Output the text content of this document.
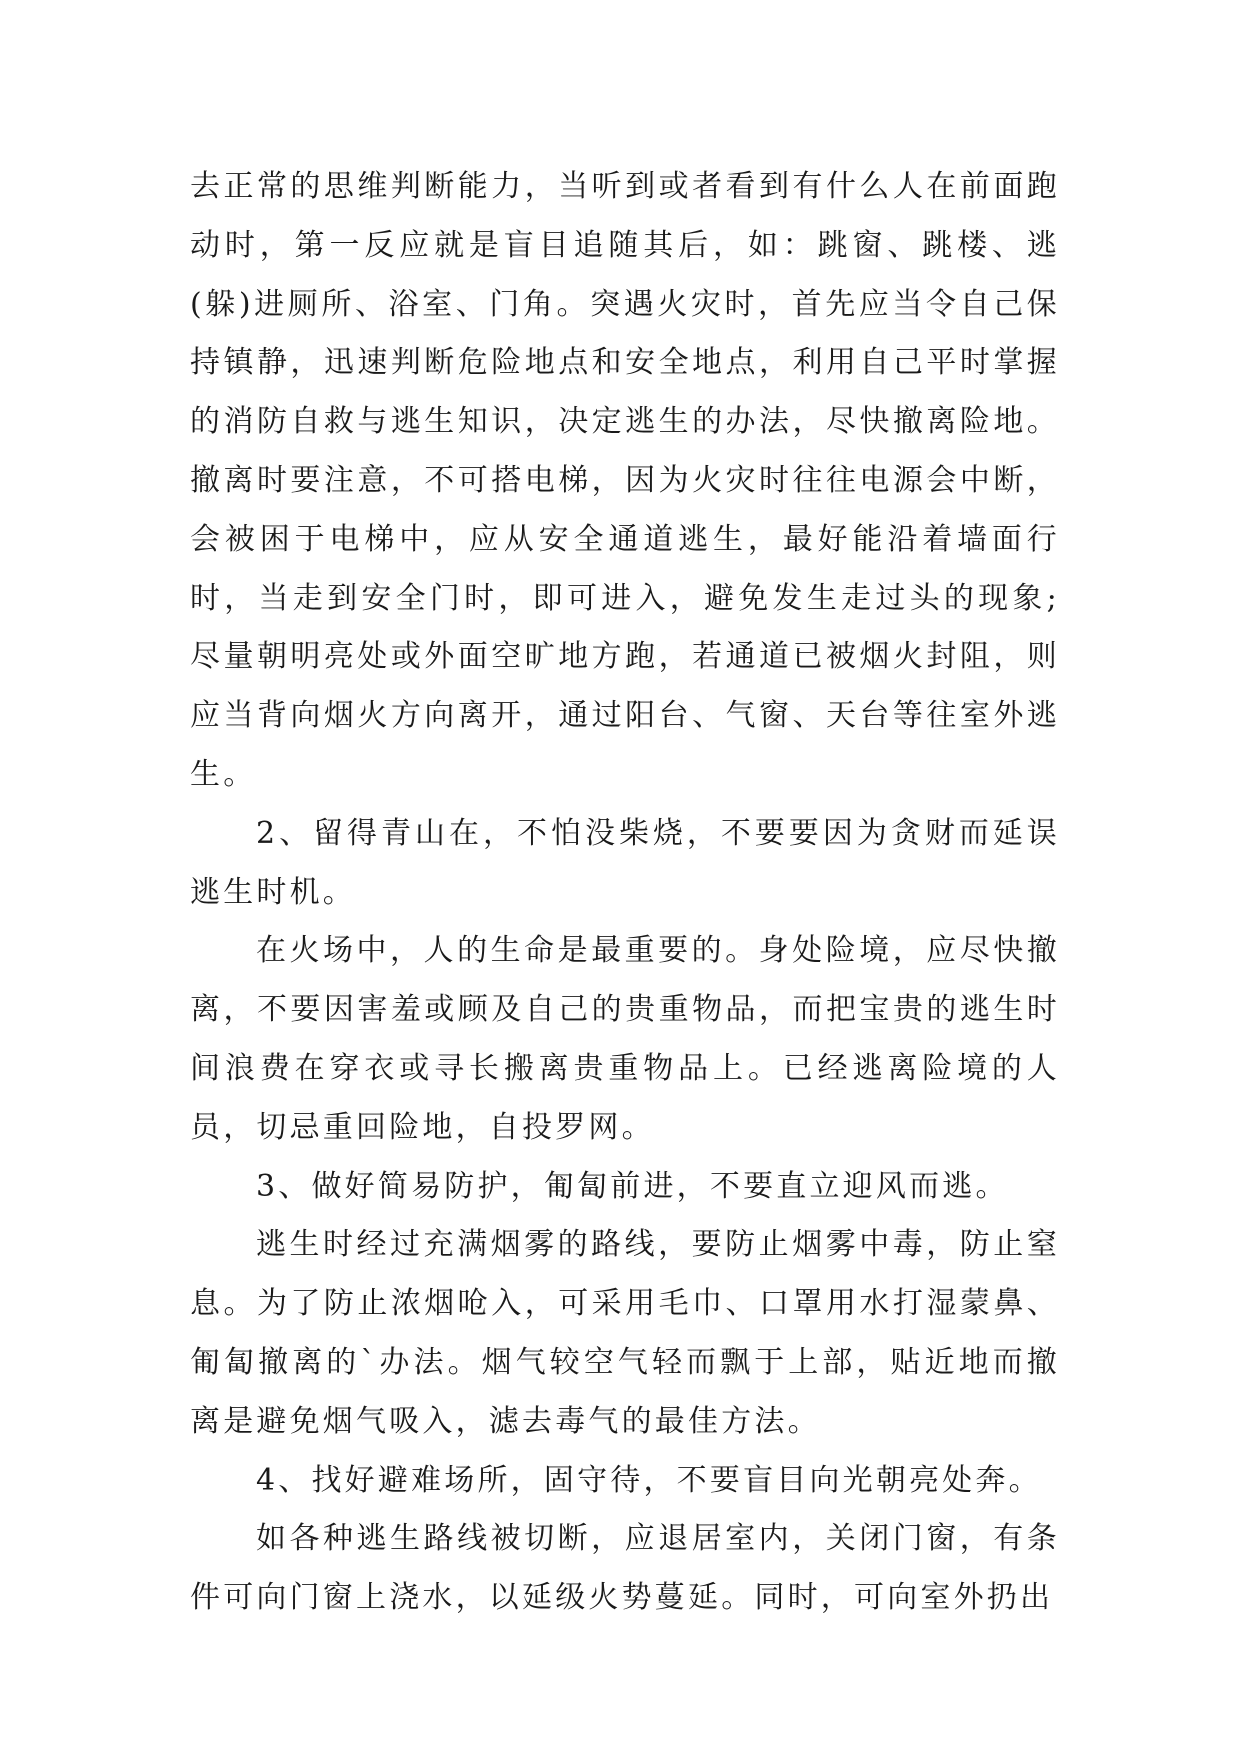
去正常的思维判断能力，当听到或者看到有什么人在前面跑动时，第一反应就是盲目追随其后，如：跳窗、跳楼、逃(躲)进厕所、浴室、门角。突遇火灾时，首先应当令自己保持镇静，迅速判断危险地点和安全地点，利用自己平时掌握的消防自救与逃生知识，决定逃生的办法，尽快撤离险地。撤离时要注意，不可搭电梯，因为火灾时往往电源会中断，会被困于电梯中，应从安全通道逃生，最好能沿着墙面行时，当走到安全门时，即可进入，避免发生走过头的现象;尽量朝明亮处或外面空旷地方跑，若通道已被烟火封阻，则应当背向烟火方向离开，通过阳台、气窗、天台等往室外逃生。

2、留得青山在，不怕没柴烧，不要要因为贪财而延误逃生时机。

在火场中，人的生命是最重要的。身处险境，应尽快撤离，不要因害羞或顾及自己的贵重物品，而把宝贵的逃生时间浪费在穿衣或寻长搬离贵重物品上。已经逃离险境的人员，切忌重回险地，自投罗网。

3、做好简易防护，匍匐前进，不要直立迎风而逃。

逃生时经过充满烟雾的路线，要防止烟雾中毒，防止窒息。为了防止浓烟呛入，可采用毛巾、口罩用水打湿蒙鼻、匍匐撤离的`办法。烟气较空气轻而飘于上部，贴近地而撤离是避免烟气吸入，滤去毒气的最佳方法。

4、找好避难场所，固守待，不要盲目向光朝亮处奔。

如各种逃生路线被切断，应退居室内，关闭门窗，有条件可向门窗上浇水，以延级火势蔓延。同时，可向室外扔出
